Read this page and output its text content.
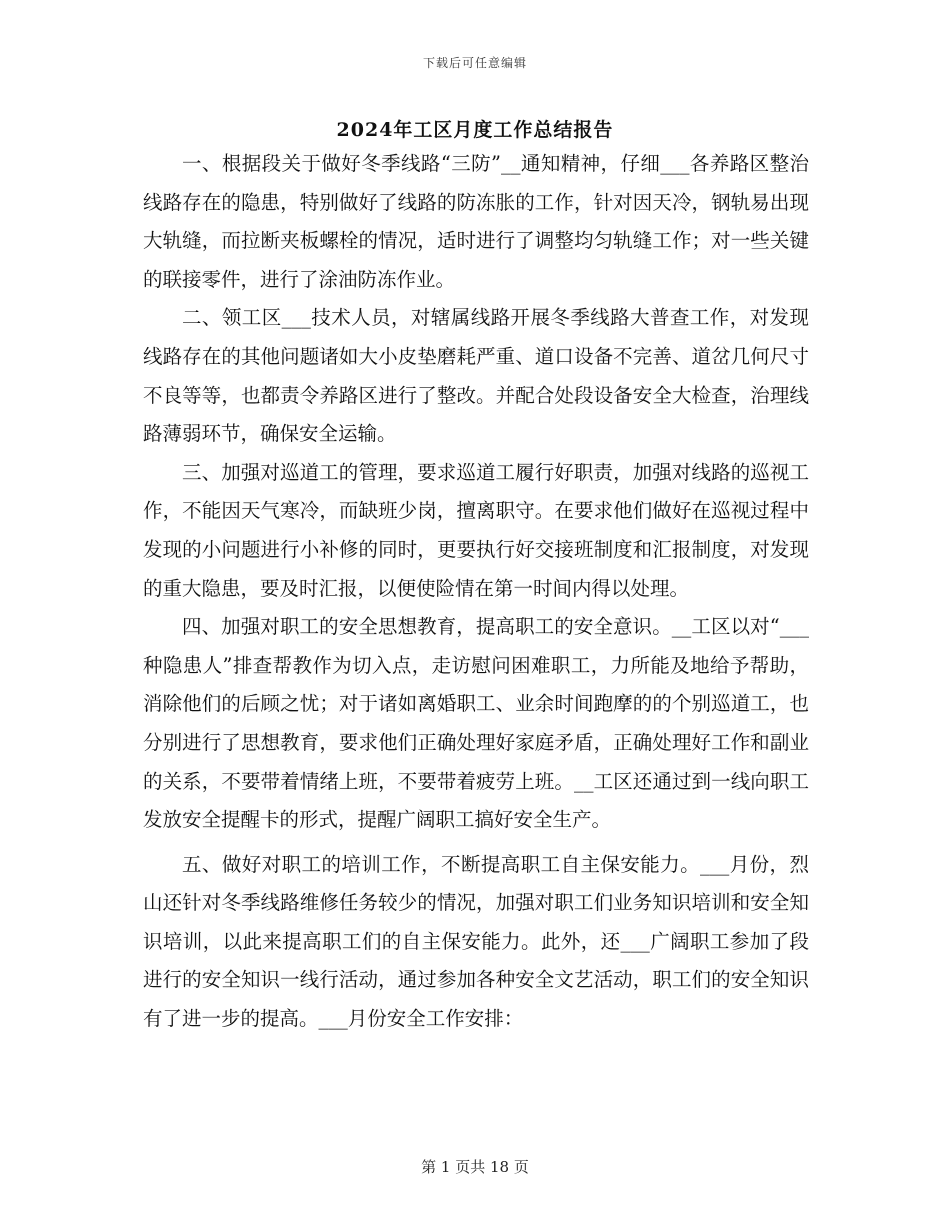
下载后可任意编辑
2024年工区月度工作总结报告

一、根据段关于做好冬季线路“三防”__通知精神，仔细___各养路区整治线路存在的隐患，特别做好了线路的防冻胀的工作，针对因天冷，钢轨易出现大轨缝，而拉断夹板螺栓的情况，适时进行了调整均匀轨缝工作；对一些关键的联接零件，进行了涂油防冻作业。

二、领工区___技术人员，对辖属线路开展冬季线路大普查工作，对发现线路存在的其他问题诸如大小皮垫磨耗严重、道口设备不完善、道岔几何尺寸不良等等，也都责令养路区进行了整改。并配合处段设备安全大检查，治理线路薄弱环节，确保安全运输。

三、加强对巡道工的管理，要求巡道工履行好职责，加强对线路的巡视工作，不能因天气寒冷，而缺班少岗，擅离职守。在要求他们做好在巡视过程中发现的小问题进行小补修的同时，更要执行好交接班制度和汇报制度，对发现的重大隐患，要及时汇报，以便使险情在第一时间内得以处理。

四、加强对职工的安全思想教育，提高职工的安全意识。__工区以对“___种隐患人”排查帮教作为切入点，走访慰问困难职工，力所能及地给予帮助，消除他们的后顾之忧；对于诸如离婚职工、业余时间跑摩的的个别巡道工，也分别进行了思想教育，要求他们正确处理好家庭矛盾，正确处理好工作和副业的关系，不要带着情绪上班，不要带着疲劳上班。__工区还通过到一线向职工发放安全提醒卡的形式，提醒广阔职工搞好安全生产。

五、做好对职工的培训工作，不断提高职工自主保安能力。___月份，烈山还针对冬季线路维修任务较少的情况，加强对职工们业务知识培训和安全知识培训，以此来提高职工们的自主保安能力。此外，还___广阔职工参加了段进行的安全知识一线行活动，通过参加各种安全文艺活动，职工们的安全知识有了进一步的提高。___月份安全工作安排：

第 1 页共 18 页
